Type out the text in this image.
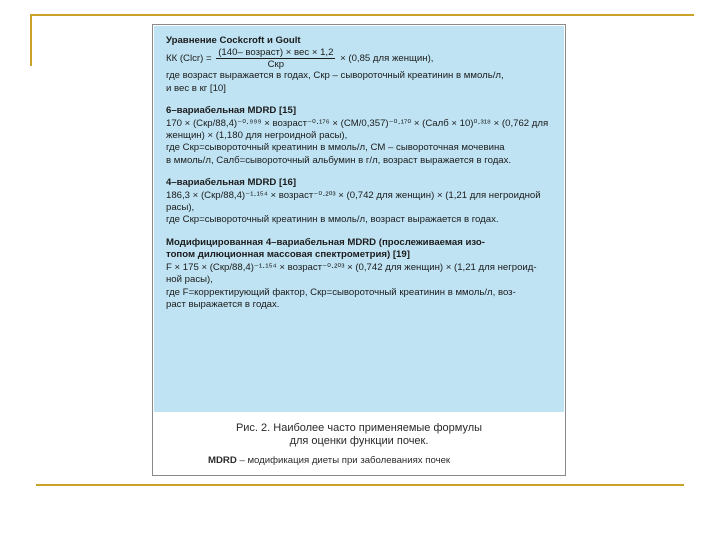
Уравнение Cockcroft и Goult
КК (Clcr) = $\frac{\text{(140– возраст) × вес × 1,2}}{\text{Cкр}} \times (0,85$ для женщин),
где возраст выражается в годах, Cкр – сывороточный креатинин в ммоль/л,
и вес в кг [10]
6–вариабельная MDRD [15]
170 × (Cкр/88,4)⁻⁰·⁹⁹⁹ × возраст⁻⁰·¹⁷⁶ × (CM/0,357)⁻⁰·¹⁷⁰ × (Cалб × 10)⁰·³¹⁸ × (0,762 для
женщин) × (1,180 для негроидной расы),
где Cкр=сывороточный креатинин в ммоль/л, CM – сывороточная мочевина
в ммоль/л, Cалб=сывороточный альбумин в г/л, возраст выражается в годах.
4–вариабельная MDRD [16]
186,3 × (Cкр/88,4)⁻¹·¹⁵⁴ × возраст⁻⁰·²⁰³ × (0,742 для женщин) × (1,21 для негроидной
расы),
где Cкр=сывороточный креатинин в ммоль/л, возраст выражается в годах.
Модифицированная 4–вариабельная MDRD (прослеживаемая изо-
топом дилюционная массовая спектрометрия) [19]
F × 175 × (Cкр/88,4)⁻¹·¹⁵⁴ × возраст⁻⁰·²⁰³ × (0,742 для женщин) × (1,21 для негроид-
ной расы),
где F=корректирующий фактор, Cкр=сывороточный креатинин в ммоль/л, воз-
раст выражается в годах.
Рис. 2. Наиболее часто применяемые формулы
для оценки функции почек.
MDRD – модификация диеты при заболеваниях почек
